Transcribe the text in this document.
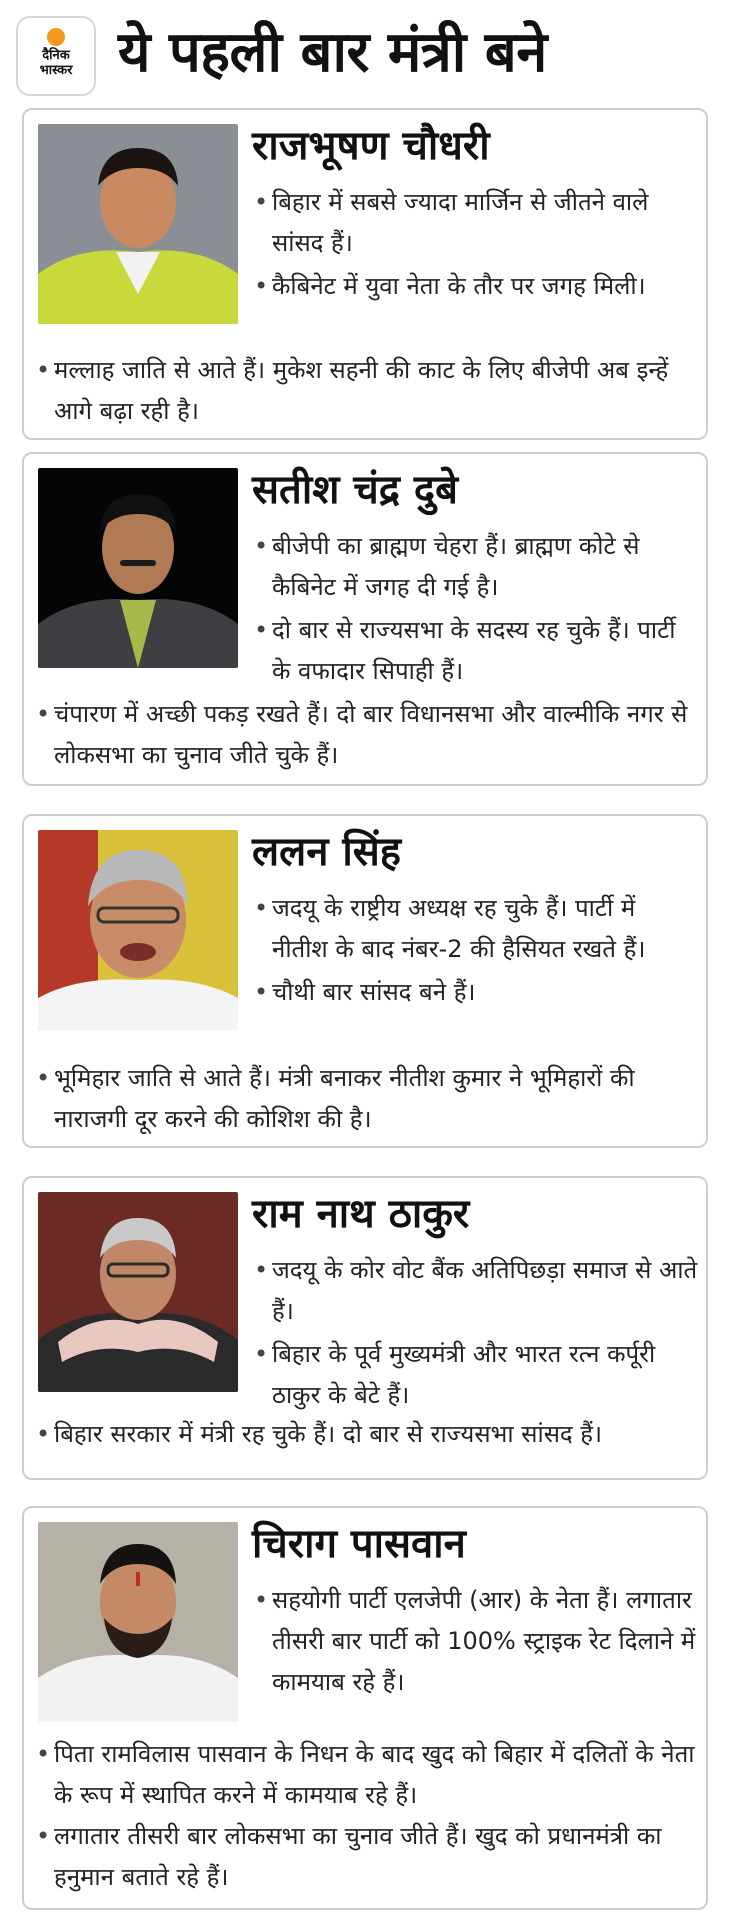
दैनिक
भास्कर ये पहली बार मंत्री बने
राजभूषण चौधरी
• बिहार में सबसे ज्यादा मार्जिन से जीतने वाले सांसद हैं।
• कैबिनेट में युवा नेता के तौर पर जगह मिली।
• मल्लाह जाति से आते हैं। मुकेश सहनी की काट के लिए बीजेपी अब इन्हें आगे बढ़ा रही है।
सतीश चंद्र दुबे
• बीजेपी का ब्राह्मण चेहरा हैं। ब्राह्मण कोटे से कैबिनेट में जगह दी गई है।
• दो बार से राज्यसभा के सदस्य रह चुके हैं। पार्टी के वफादार सिपाही हैं।
• चंपारण में अच्छी पकड़ रखते हैं। दो बार विधानसभा और वाल्मीकि नगर से लोकसभा का चुनाव जीते चुके हैं।
ललन सिंह
• जदयू के राष्ट्रीय अध्यक्ष रह चुके हैं। पार्टी में नीतीश के बाद नंबर-2 की हैसियत रखते हैं।
• चौथी बार सांसद बने हैं।
• भूमिहार जाति से आते हैं। मंत्री बनाकर नीतीश कुमार ने भूमिहारों की नाराजगी दूर करने की कोशिश की है।
राम नाथ ठाकुर
• जदयू के कोर वोट बैंक अतिपिछड़ा समाज से आते हैं।
• बिहार के पूर्व मुख्यमंत्री और भारत रत्न कर्पूरी ठाकुर के बेटे हैं।
• बिहार सरकार में मंत्री रह चुके हैं। दो बार से राज्यसभा सांसद हैं।
चिराग पासवान
• सहयोगी पार्टी एलजेपी (आर) के नेता हैं। लगातार तीसरी बार पार्टी को 100% स्ट्राइक रेट दिलाने में कामयाब रहे हैं।
• पिता रामविलास पासवान के निधन के बाद खुद को बिहार में दलितों के नेता के रूप में स्थापित करने में कामयाब रहे हैं।
• लगातार तीसरी बार लोकसभा का चुनाव जीते हैं। खुद को प्रधानमंत्री का हनुमान बताते रहे हैं।
